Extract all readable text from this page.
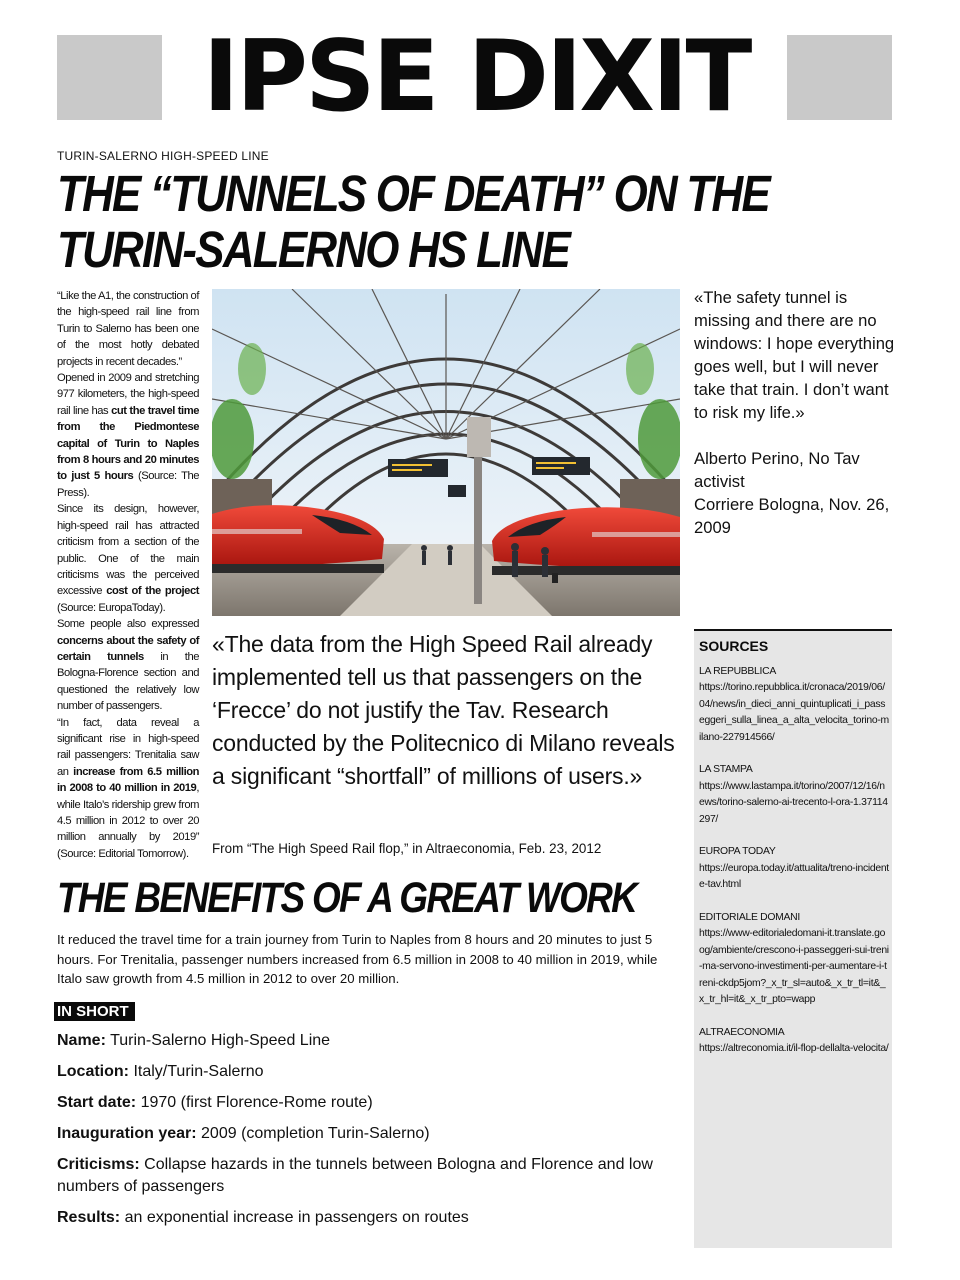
IPSE DIXIT
TURIN-SALERNO HIGH-SPEED LINE
THE “TUNNELS OF DEATH” ON THE
TURIN-SALERNO HS LINE

“Like the A1, the construction of the high-speed rail line from Turin to Salerno has been one of the most hotly debated projects in recent decades.”

Opened in 2009 and stretching 977 kilometers, the high-speed rail line has cut the travel time from the Piedmontese capital of Turin to Naples from 8 hours and 20 minutes to just 5 hours (Source: The Press).

Since its design, however, high-speed rail has attracted criticism from a section of the public. One of the main criticisms was the perceived excessive cost of the project (Source: EuropaToday).

Some people also expressed concerns about the safety of certain tunnels in the Bologna-Florence section and questioned the relatively low number of passengers.

“In fact, data reveal a significant rise in high-speed rail passengers: Trenitalia saw an increase from 6.5 million in 2008 to 40 million in 2019, while Italo’s ridership grew from 4.5 million in 2012 to over 20 million annually by 2019” (Source: Editorial Tomorrow).

«The safety tunnel is missing and there are no windows: I hope everything goes well, but I will never take that train. I don’t want to risk my life.»

Alberto Perino, No Tav activist

Corriere Bologna, Nov. 26, 2009

«The data from the High Speed Rail already implemented tell us that passengers on the ‘Frecce’ do not justify the Tav. Research conducted by the Politecnico di Milano reveals a significant “shortfall” of millions of users.»
From “The High Speed Rail flop,” in Altraeconomia, Feb. 23, 2012
THE BENEFITS OF A GREAT WORK
It reduced the travel time for a train journey from Turin to Naples from 8 hours and 20 minutes to just 5 hours. For Trenitalia, passenger numbers increased from 6.5 million in 2008 to 40 million in 2019, while Italo saw growth from 4.5 million in 2012 to over 20 million.
IN SHORT

Name: Turin-Salerno High-Speed Line

Location: Italy/Turin-Salerno

Start date: 1970 (first Florence-Rome route)

Inauguration year: 2009 (completion Turin-Salerno)

Criticisms: Collapse hazards in the tunnels between Bologna and Florence and low numbers of passengers

Results: an exponential increase in passengers on routes

SOURCES
LA REPUBBLICA
https://torino.repubblica.it/cronaca/2019/06/04/news/in_dieci_anni_quintuplicati_i_passeggeri_sulla_linea_a_alta_velocita_torino-milano-227914566/
LA STAMPA
https://www.lastampa.it/torino/2007/12/16/news/torino-salerno-ai-trecento-l-ora-1.37114297/
EUROPA TODAY
https://europa.today.it/attualita/treno-incidente-tav.html
EDITORIALE DOMANI
https://www-editorialedomani-it.translate.goog/ambiente/crescono-i-passeggeri-sui-treni-ma-servono-investimenti-per-aumentare-i-treni-ckdp5jom?_x_tr_sl=auto&_x_tr_tl=it&_x_tr_hl=it&_x_tr_pto=wapp
ALTRAECONOMIA
https://altreconomia.it/il-flop-dellalta-velocita/
